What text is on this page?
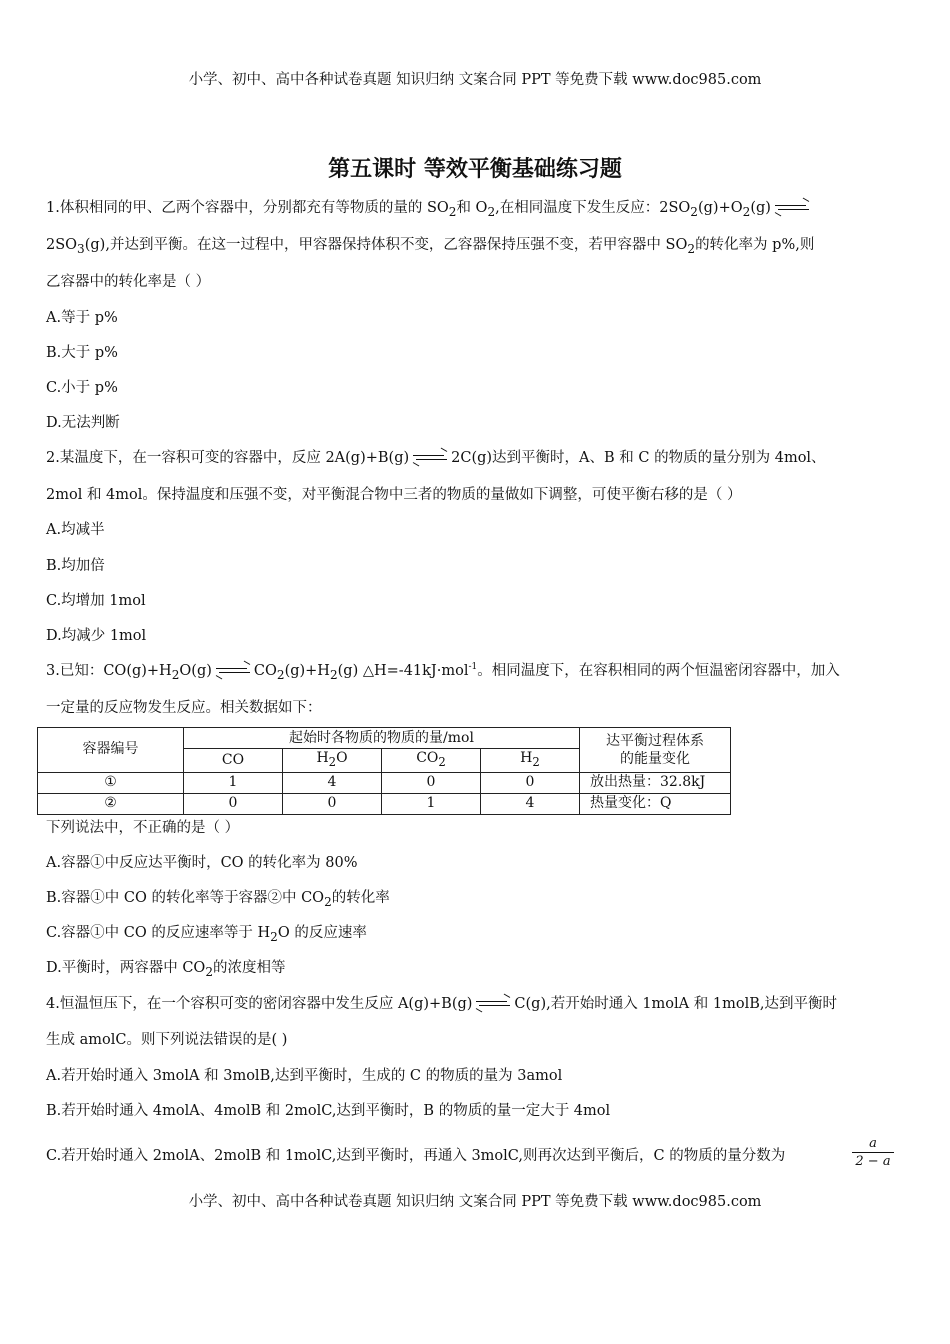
小学、初中、高中各种试卷真题 知识归纳 文案合同 PPT 等免费下载 www.doc985.com
第五课时 等效平衡基础练习题
1.体积相同的甲、乙两个容器中，分别都充有等物质的量的 $SO_2$和 $O_2$,在相同温度下发生反应：$2SO_2(g)+O_2(g)$
$2SO_3(g)$,并达到平衡。在这一过程中，甲容器保持体积不变，乙容器保持压强不变，若甲容器中 $SO_2$的转化率为 p%,则
乙容器中的转化率是（ ）
A.等于 p%
B.大于 p%
C.小于 p%
D.无法判断
2.某温度下，在一容积可变的容器中，反应 2A(g)+B(g)	2C(g)达到平衡时，A、B 和 C 的物质的量分别为 4mol、
2mol 和 4mol。保持温度和压强不变，对平衡混合物中三者的物质的量做如下调整，可使平衡右移的是（ ）
A.均减半
B.均加倍
C.均增加 1mol
D.均减少 1mol
3.已知：$CO(g)+H_2O(g)$	$CO_2(g)+H_2(g)$ △H=-41kJ·mol$^{-1}$。相同温度下，在容积相同的两个恒温密闭容器中，加入
一定量的反应物发生反应。相关数据如下：
容器编号	起始时各物质的物质的量/mol				达平衡过程体系
的能量变化
	CO	$H_2O$	$CO_2$	$H_2$
①	1	4	0	0	放出热量：32.8kJ
②	0	0	1	4	热量变化：Q
下列说法中，不正确的是（ ）
A.容器①中反应达平衡时，CO 的转化率为 80%
B.容器①中 CO 的转化率等于容器②中 $CO_2$的转化率
C.容器①中 CO 的反应速率等于 $H_2O$ 的反应速率
D.平衡时，两容器中 $CO_2$的浓度相等
4.恒温恒压下，在一个容积可变的密闭容器中发生反应 A(g)+B(g)	C(g),若开始时通入 1molA 和 1molB,达到平衡时
生成 amolC。则下列说法错误的是( )
A.若开始时通入 3molA 和 3molB,达到平衡时，生成的 C 的物质的量为 3amol
B.若开始时通入 4molA、4molB 和 2molC,达到平衡时，B 的物质的量一定大于 4mol
C.若开始时通入 2molA、2molB 和 1molC,达到平衡时，再通入 3molC,则再次达到平衡后，C 的物质的量分数为	$\frac{a}{2 - a}$
小学、初中、高中各种试卷真题 知识归纳 文案合同 PPT 等免费下载 www.doc985.com
